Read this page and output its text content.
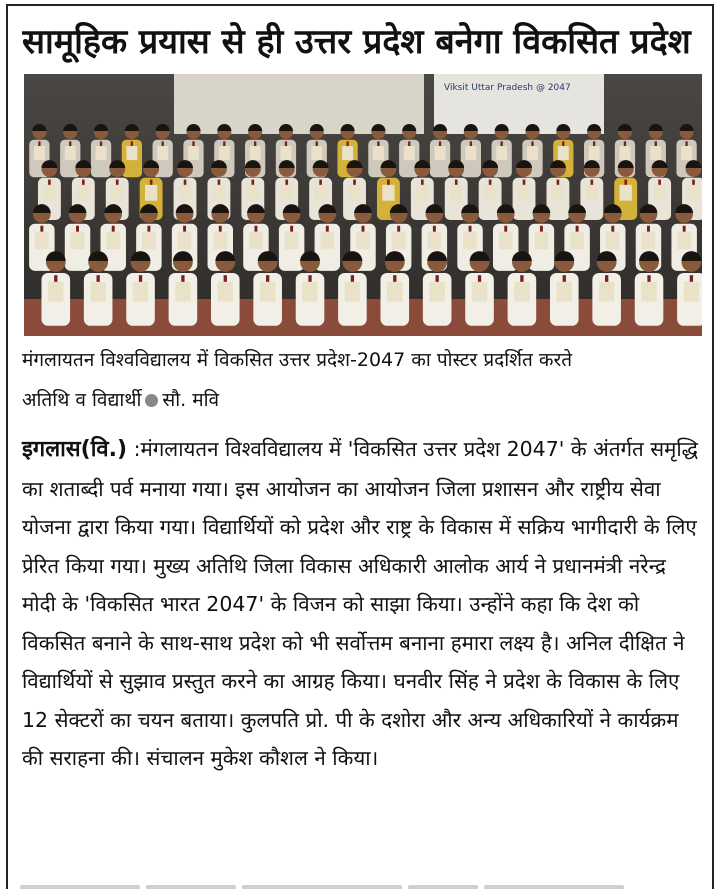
सामूहिक प्रयास से ही उत्तर प्रदेश बनेगा विकसित प्रदेश
Viksit Uttar Pradesh @ 2047
मंगलायतन विश्वविद्यालय में विकसित उत्तर प्रदेश-2047 का पोस्टर प्रदर्शित करते
अतिथि व विद्यार्थी सौ. मवि
इगलास(वि.) :मंगलायतन विश्वविद्यालय में 'विकसित उत्तर प्रदेश 2047' के अंतर्गत समृद्धि का शताब्दी पर्व मनाया गया। इस आयोजन का आयोजन जिला प्रशासन और राष्ट्रीय सेवा योजना द्वारा किया गया। विद्यार्थियों को प्रदेश और राष्ट्र के विकास में सक्रिय भागीदारी के लिए प्रेरित किया गया। मुख्य अतिथि जिला विकास अधिकारी आलोक आर्य ने प्रधानमंत्री नरेन्द्र मोदी के 'विकसित भारत 2047' के विजन को साझा किया। उन्होंने कहा कि देश को विकसित बनाने के साथ-साथ प्रदेश को भी सर्वोत्तम बनाना हमारा लक्ष्य है। अनिल दीक्षित ने विद्यार्थियों से सुझाव प्रस्तुत करने का आग्रह किया। घनवीर सिंह ने प्रदेश के विकास के लिए 12 सेक्टरों का चयन बताया। कुलपति प्रो. पी के दशोरा और अन्य अधिकारियों ने कार्यक्रम की सराहना की। संचालन मुकेश कौशल ने किया।
